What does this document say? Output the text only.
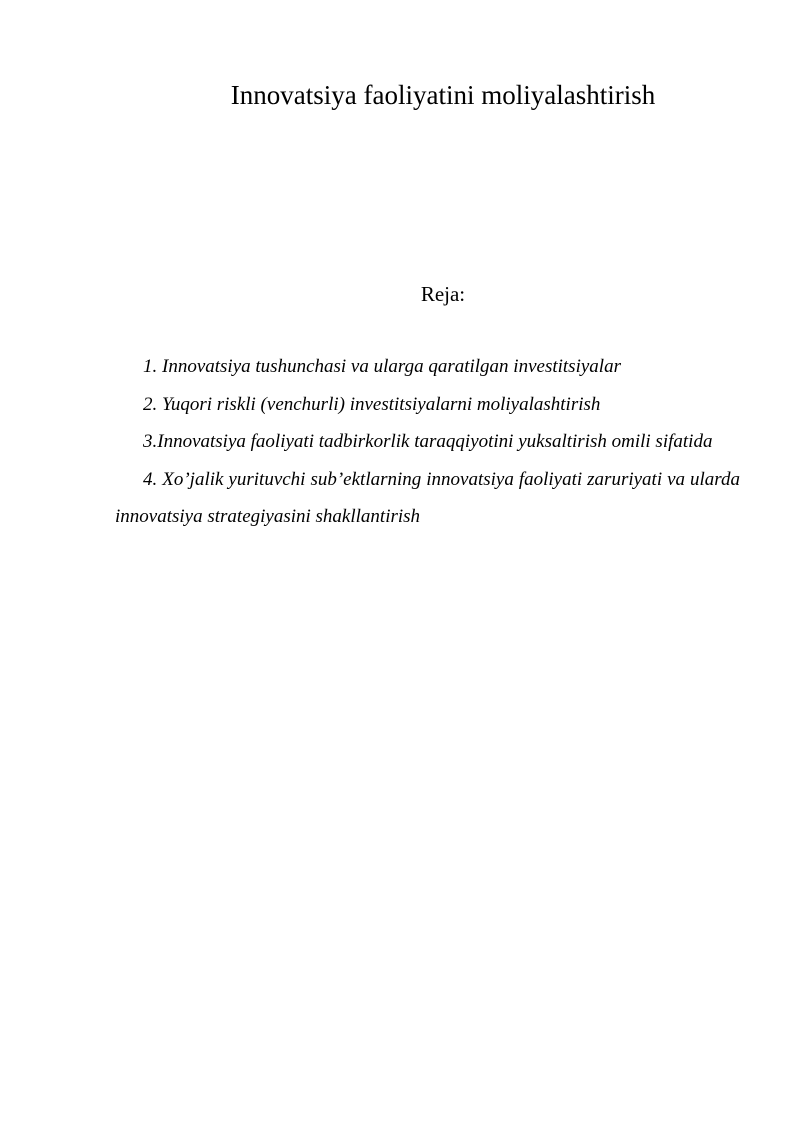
Innovatsiya faoliyatini moliyalashtirish
Reja:
1. Innovatsiya tushunchasi va ularga qaratilgan investitsiyalar
2. Yuqori riskli (venchurli) investitsiyalarni moliyalashtirish
3.Innovatsiya faoliyati tadbirkorlik taraqqiyotini yuksaltirish omili sifatida
4. Xo’jalik yurituvchi sub’ektlarning innovatsiya faoliyati zaruriyati va ularda innovatsiya strategiyasini shakllantirish
